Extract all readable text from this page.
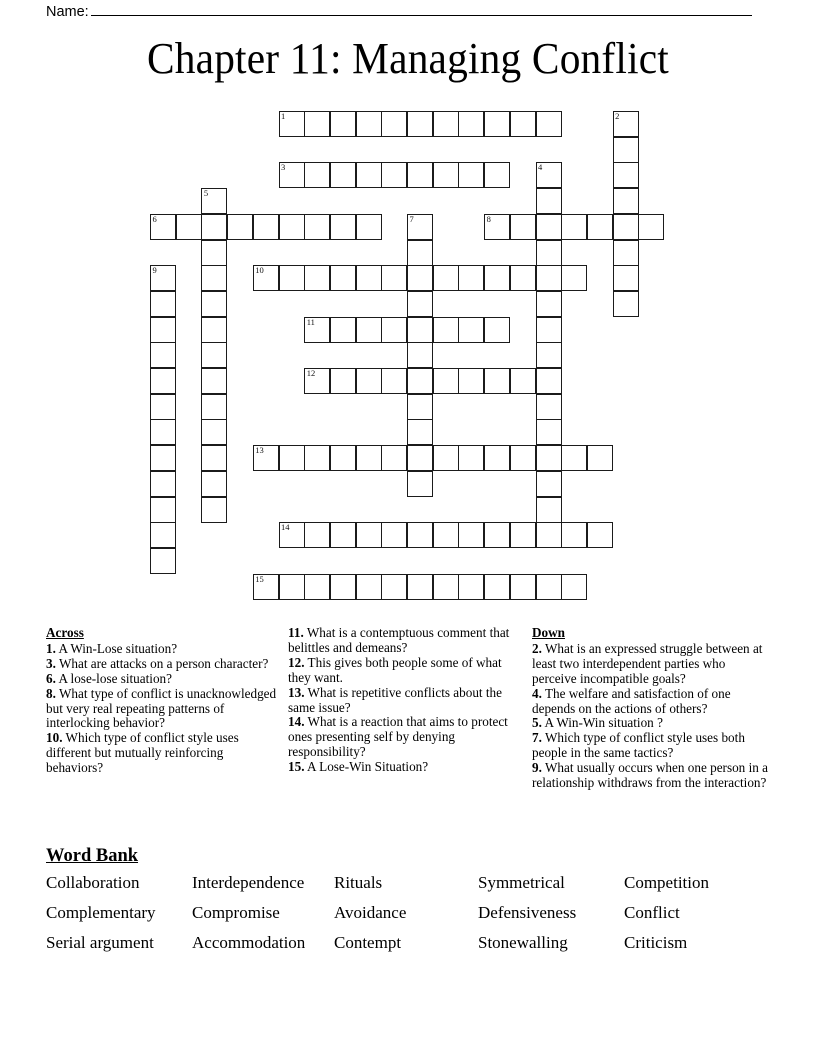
Name:
Chapter 11: Managing Conflict
1	2
3	4
5
6	7	8
9	10
11
12
13
14
15
Across

1. A Win-Lose situation?

3. What are attacks on a person character?

6. A lose-lose situation?

8. What type of conflict is unacknowledged but very real repeating patterns of interlocking behavior?

10. Which type of conflict style uses different but mutually reinforcing behaviors?

11. What is a contemptuous comment that belittles and demeans?

12. This gives both people some of what they want.

13. What is repetitive conflicts about the same issue?

14. What is a reaction that aims to protect ones presenting self by denying responsibility?

15. A Lose-Win Situation?

Down

2. What is an expressed struggle between at least two interdependent parties who perceive incompatible goals?

4. The welfare and satisfaction of one depends on the actions of others?

5. A Win-Win situation ?

7. Which type of conflict style uses both people in the same tactics?

9. What usually occurs when one person in a relationship withdraws from the interaction?

Word Bank
Collaboration	Interdependence	Rituals	Symmetrical	Competition
Complementary	Compromise	Avoidance	Defensiveness	Conflict
Serial argument	Accommodation	Contempt	Stonewalling	Criticism
